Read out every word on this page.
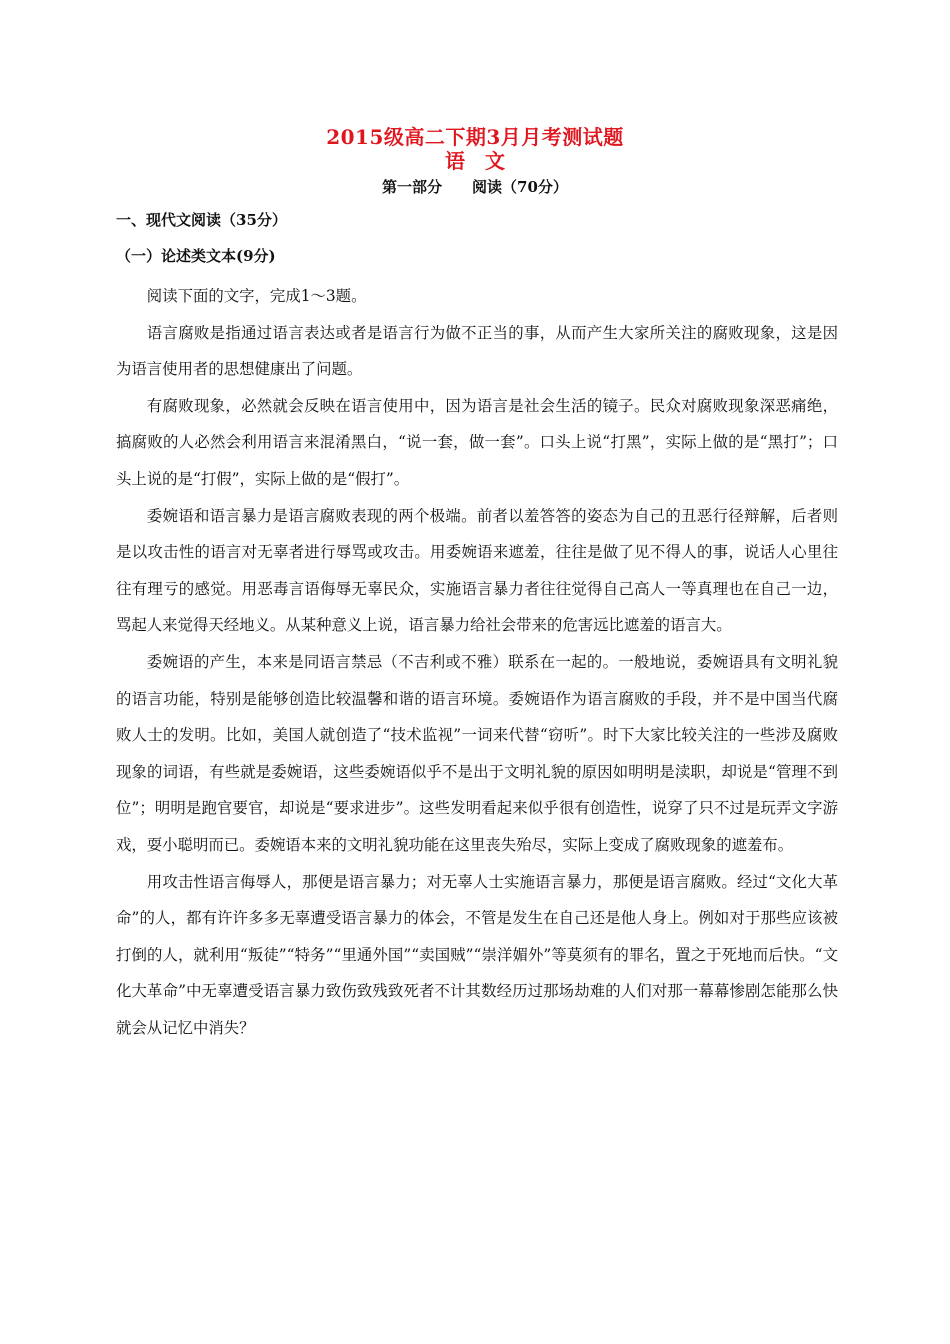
2015级高二下期3月月考测试题
语　文
第一部分　　阅读（70分）
一、现代文阅读（35分）
（一）论述类文本(9分)

阅读下面的文字，完成1～3题。

语言腐败是指通过语言表达或者是语言行为做不正当的事，从而产生大家所关注的腐败现象，这是因为语言使用者的思想健康出了问题。

有腐败现象，必然就会反映在语言使用中，因为语言是社会生活的镜子。民众对腐败现象深恶痛绝，搞腐败的人必然会利用语言来混淆黑白，“说一套，做一套”。口头上说“打黑”，实际上做的是“黑打”；口头上说的是“打假”，实际上做的是“假打”。

委婉语和语言暴力是语言腐败表现的两个极端。前者以羞答答的姿态为自己的丑恶行径辩解，后者则是以攻击性的语言对无辜者进行辱骂或攻击。用委婉语来遮羞，往往是做了见不得人的事，说话人心里往往有理亏的感觉。用恶毒言语侮辱无辜民众，实施语言暴力者往往觉得自己高人一等真理也在自己一边，骂起人来觉得天经地义。从某种意义上说，语言暴力给社会带来的危害远比遮羞的语言大。

委婉语的产生，本来是同语言禁忌（不吉利或不雅）联系在一起的。一般地说，委婉语具有文明礼貌的语言功能，特别是能够创造比较温馨和谐的语言环境。委婉语作为语言腐败的手段，并不是中国当代腐败人士的发明。比如，美国人就创造了“技术监视”一词来代替“窃听”。时下大家比较关注的一些涉及腐败现象的词语，有些就是委婉语，这些委婉语似乎不是出于文明礼貌的原因如明明是渎职，却说是“管理不到位”；明明是跑官要官，却说是“要求进步”。这些发明看起来似乎很有创造性，说穿了只不过是玩弄文字游戏，耍小聪明而已。委婉语本来的文明礼貌功能在这里丧失殆尽，实际上变成了腐败现象的遮羞布。

用攻击性语言侮辱人，那便是语言暴力；对无辜人士实施语言暴力，那便是语言腐败。经过“文化大革命”的人，都有许许多多无辜遭受语言暴力的体会，不管是发生在自己还是他人身上。例如对于那些应该被打倒的人，就利用“叛徒”“特务”“里通外国”“卖国贼”“崇洋媚外”等莫须有的罪名，置之于死地而后快。“文化大革命”中无辜遭受语言暴力致伤致残致死者不计其数经历过那场劫难的人们对那一幕幕惨剧怎能那么快就会从记忆中消失？
